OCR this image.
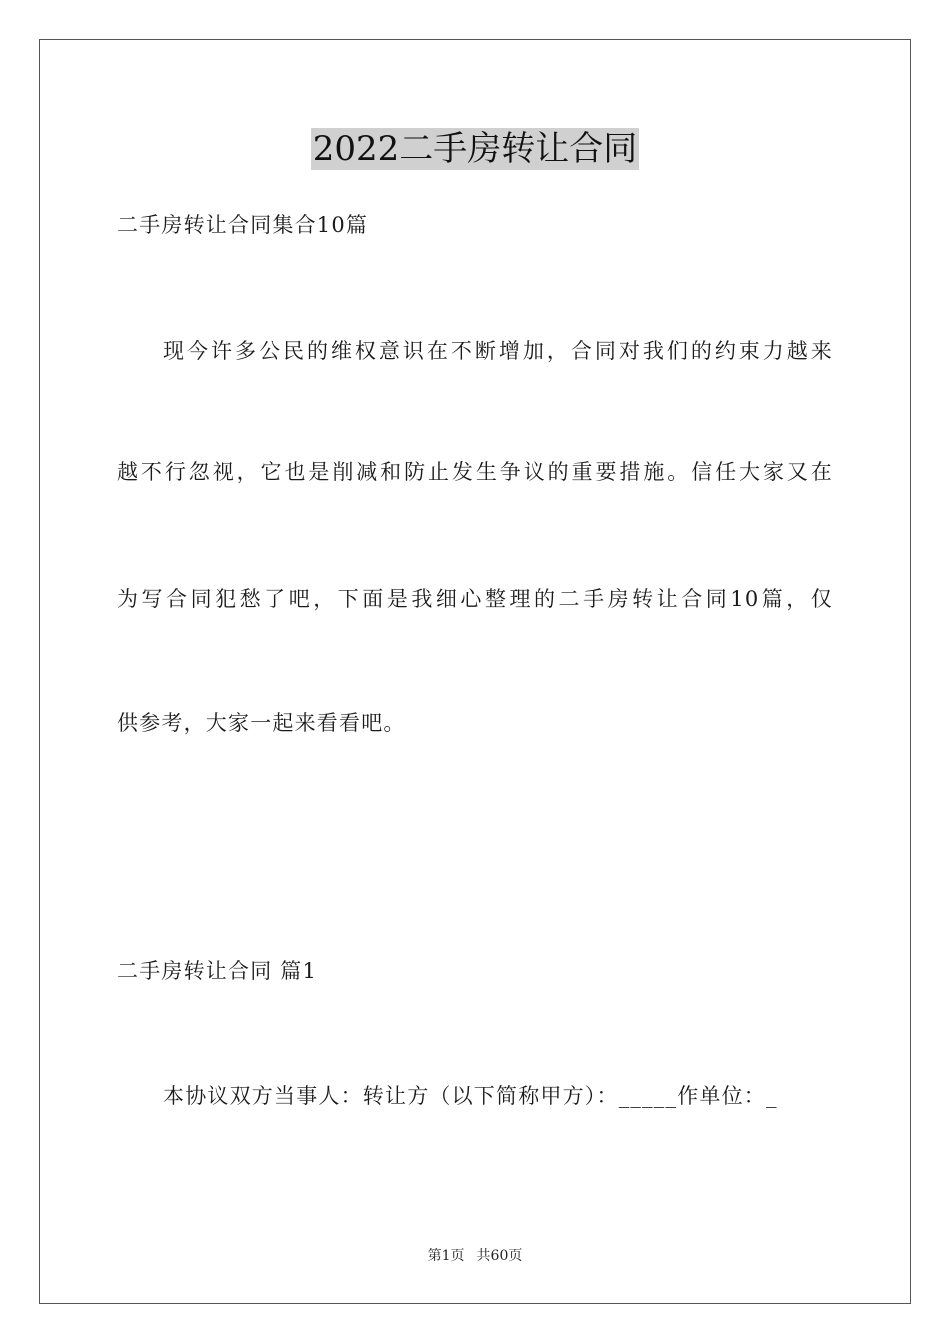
2022二手房转让合同
二手房转让合同集合10篇
现今许多公民的维权意识在不断增加，合同对我们的约束力越来
越不行忽视，它也是削减和防止发生争议的重要措施。信任大家又在
为写合同犯愁了吧，下面是我细心整理的二手房转让合同10篇，仅
供参考，大家一起来看看吧。
二手房转让合同 篇1
本协议双方当事人：转让方（以下简称甲方）：_____作单位：_
第1页 共60页
